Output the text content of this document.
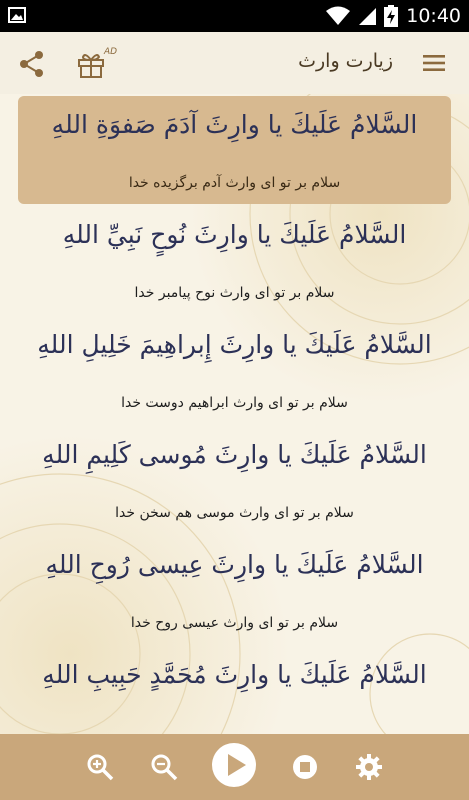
10:40
AD	زیارت وارث
السَّلامُ عَلَيكَ يا وارِثَ آدَمَ صَفوَةِ اللهِ
سلام بر تو ای وارث آدم برگزیده خدا
السَّلامُ عَلَيكَ يا وارِثَ نُوحٍ نَبِيِّ اللهِ
سلام بر تو ای وارث نوح پیامبر خدا
السَّلامُ عَلَيكَ يا وارِثَ إِبراهِيمَ خَلِيلِ اللهِ
سلام بر تو ای وارث ابراهیم دوست خدا
السَّلامُ عَلَيكَ يا وارِثَ مُوسى كَلِيمِ اللهِ
سلام بر تو ای وارث موسی هم سخن خدا
السَّلامُ عَلَيكَ يا وارِثَ عِيسى رُوحِ اللهِ
سلام بر تو ای وارث عیسی روح خدا
السَّلامُ عَلَيكَ يا وارِثَ مُحَمَّدٍ حَبِيبِ اللهِ
